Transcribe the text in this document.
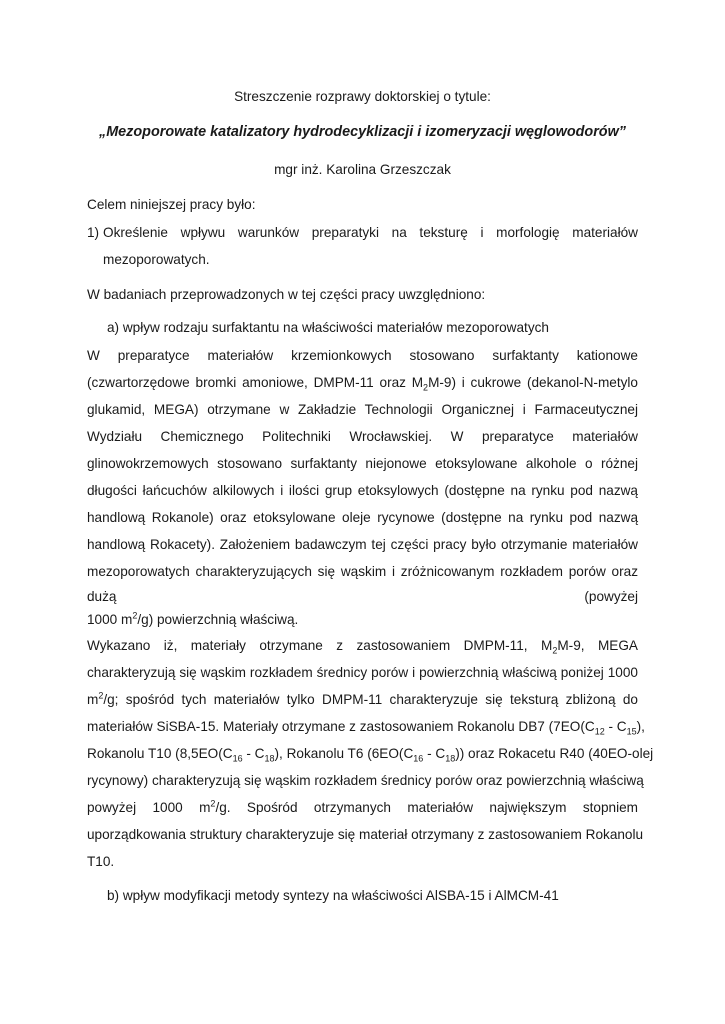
Streszczenie rozprawy doktorskiej o tytule:
„Mezoporowate katalizatory hydrodecyklizacji i izomeryzacji węglowodorów”
mgr inż. Karolina Grzeszczak
Celem niniejszej pracy było:
1) Określenie wpływu warunków preparatyki na teksturę i morfologię materiałów
mezoporowatych.
W badaniach przeprowadzonych w tej części pracy uwzględniono:
a) wpływ rodzaju surfaktantu na właściwości materiałów mezoporowatych
W preparatyce materiałów krzemionkowych stosowano surfaktanty kationowe
(czwartorzędowe bromki amoniowe, DMPM-11 oraz $M_2M-9$) i cukrowe (dekanol-N-metylo
glukamid, MEGA) otrzymane w Zakładzie Technologii Organicznej i Farmaceutycznej
Wydziału Chemicznego Politechniki Wrocławskiej. W preparatyce materiałów
glinowokrzemowych stosowano surfaktanty niejonowe etoksylowane alkohole o różnej
długości łańcuchów alkilowych i ilości grup etoksylowych (dostępne na rynku pod nazwą
handlową Rokanole) oraz etoksylowane oleje rycynowe (dostępne na rynku pod nazwą
handlową Rokacety). Założeniem badawczym tej części pracy było otrzymanie materiałów
mezoporowatych charakteryzujących się wąskim i zróżnicowanym rozkładem porów oraz
dużą	(powyżej
1000 $m^2/g$) powierzchnią właściwą.
Wykazano iż, materiały otrzymane z zastosowaniem DMPM-11, $M_2M-9$, MEGA
charakteryzują się wąskim rozkładem średnicy porów i powierzchnią właściwą poniżej 1000
$m^2/g$; spośród tych materiałów tylko DMPM-11 charakteryzuje się teksturą zbliżoną do
materiałów SiSBA-15. Materiały otrzymane z zastosowaniem Rokanolu DB7 ($7EO(C_{12} - C_{15})$,
Rokanolu T10 ($8,5EO(C_{16} - C_{18})$, Rokanolu T6 $(6EO(C_{16} - C_{18}))$ oraz Rokacetu R40 (40EO-olej
rycynowy) charakteryzują się wąskim rozkładem średnicy porów oraz powierzchnią właściwą
powyżej 1000 $m^2/g$. Spośród otrzymanych materiałów największym stopniem
uporządkowania struktury charakteryzuje się materiał otrzymany z zastosowaniem Rokanolu
T10.
b) wpływ modyfikacji metody syntezy na właściwości AlSBA-15 i AlMCM-41
